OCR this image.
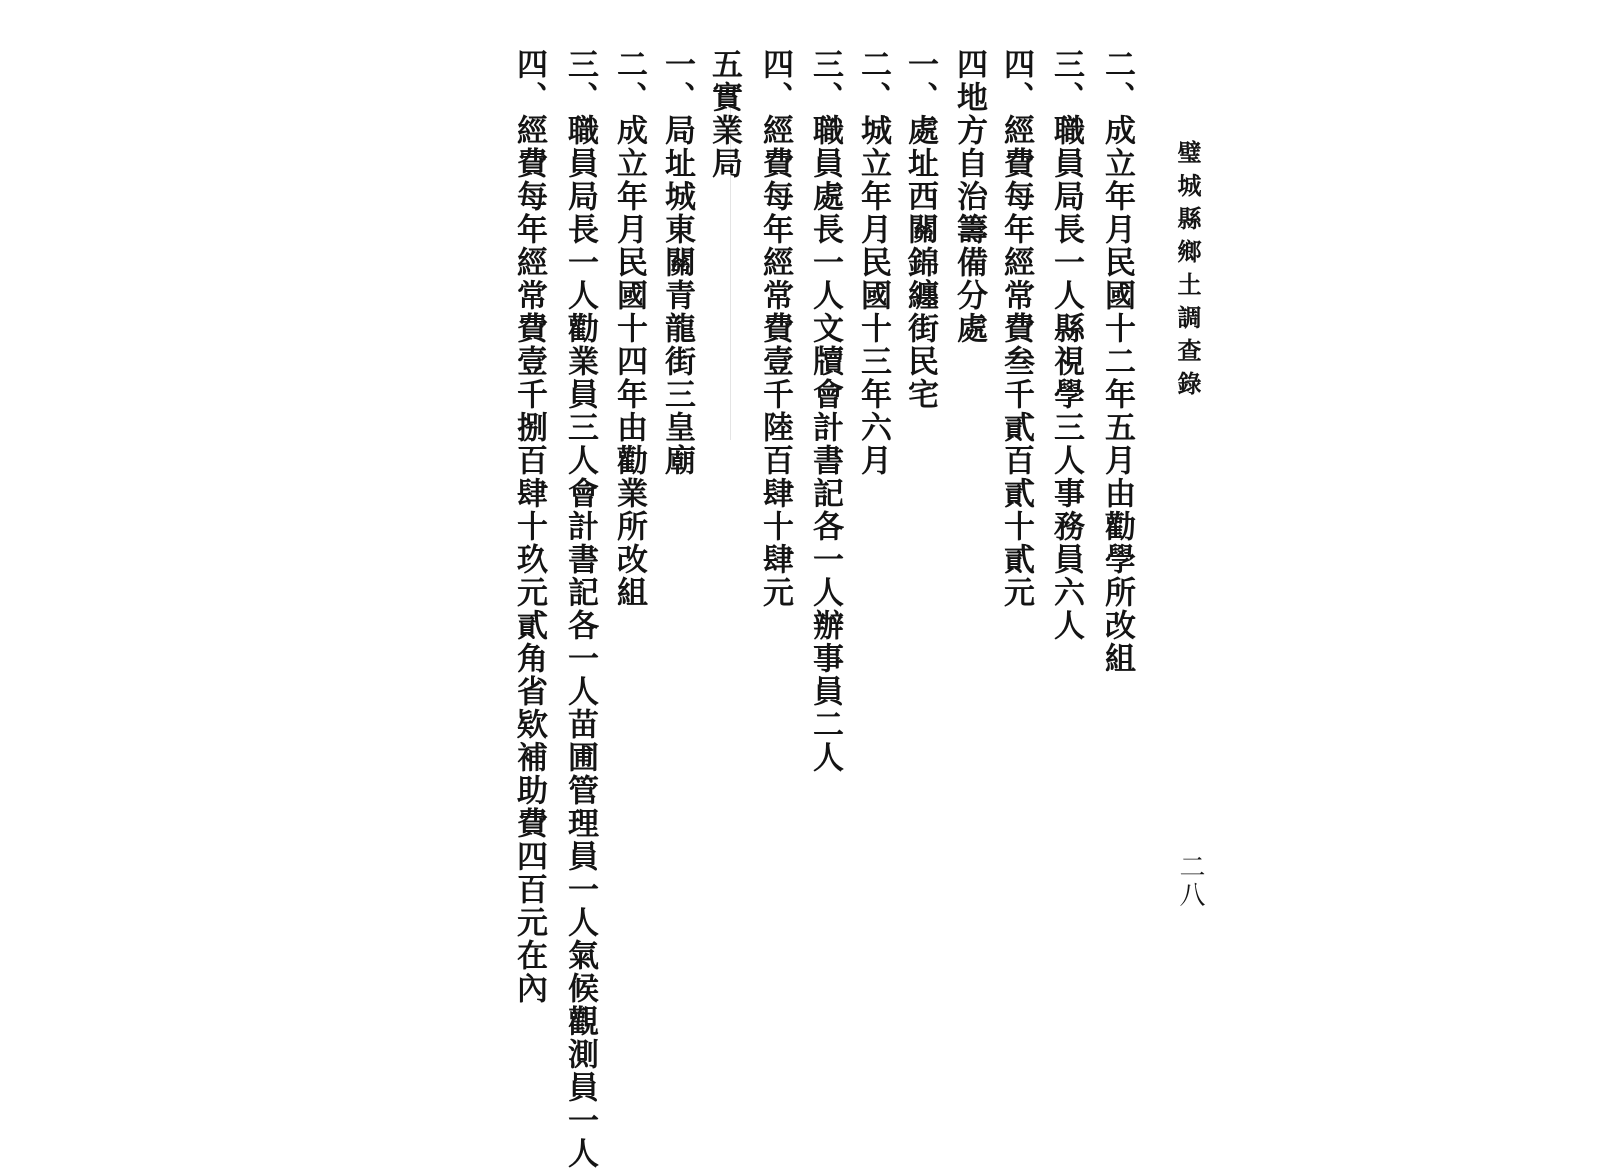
璧城縣鄉土調查錄
二八
二、成立年月民國十二年五月由勸學所改組
三、職員局長一人縣視學三人事務員六人
四、經費每年經常費叁千貳百貳十貳元
四地方自治籌備分處
一、處址西關錦纏街民宅
二、城立年月民國十三年六月
三、職員處長一人文牘會計書記各一人辦事員二人
四、經費每年經常費壹千陸百肆十肆元
五實業局
一、局址城東關青龍街三皇廟
二、成立年月民國十四年由勸業所改組
三、職員局長一人勸業員三人會計書記各一人苗圃管理員一人氣候觀測員一人
四、經費每年經常費壹千捌百肆十玖元貳角省欵補助費四百元在內
